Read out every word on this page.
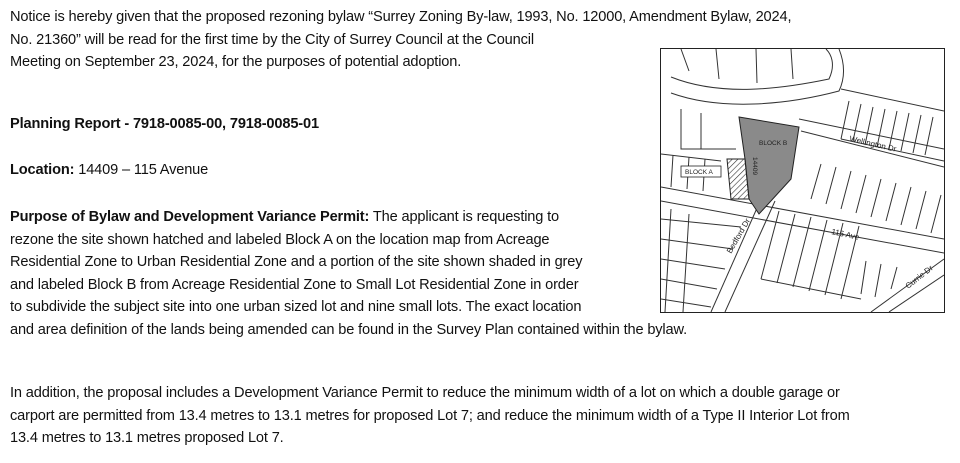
Notice is hereby given that the proposed rezoning bylaw “Surrey Zoning By-law, 1993, No. 12000, Amendment Bylaw, 2024,
No. 21360” will be read for the first time by the City of Surrey Council at the Council
Meeting on September 23, 2024, for the purposes of potential adoption.

Planning Report - 7918-0085-00, 7918-0085-01

Location: 14409 – 115 Avenue

Purpose of Bylaw and Development Variance Permit: The applicant is requesting to
rezone the site shown hatched and labeled Block A on the location map from Acreage
Residential Zone to Urban Residential Zone and a portion of the site shown shaded in grey
and labeled Block B from Acreage Residential Zone to Small Lot Residential Zone in order
to subdivide the subject site into one urban sized lot and nine small lots. The exact location
and area definition of the lands being amended can be found in the Survey Plan contained within the bylaw.
In addition, the proposal includes a Development Variance Permit to reduce the minimum width of a lot on which a double garage or
carport are permitted from 13.4 metres to 13.1 metres for proposed Lot 7; and reduce the minimum width of a Type II Interior Lot from
13.4 metres to 13.1 metres proposed Lot 7.
BLOCK B
BLOCK A	14409
Wellington Dr
Bedford Dr	115 Ave
Currie Dr
